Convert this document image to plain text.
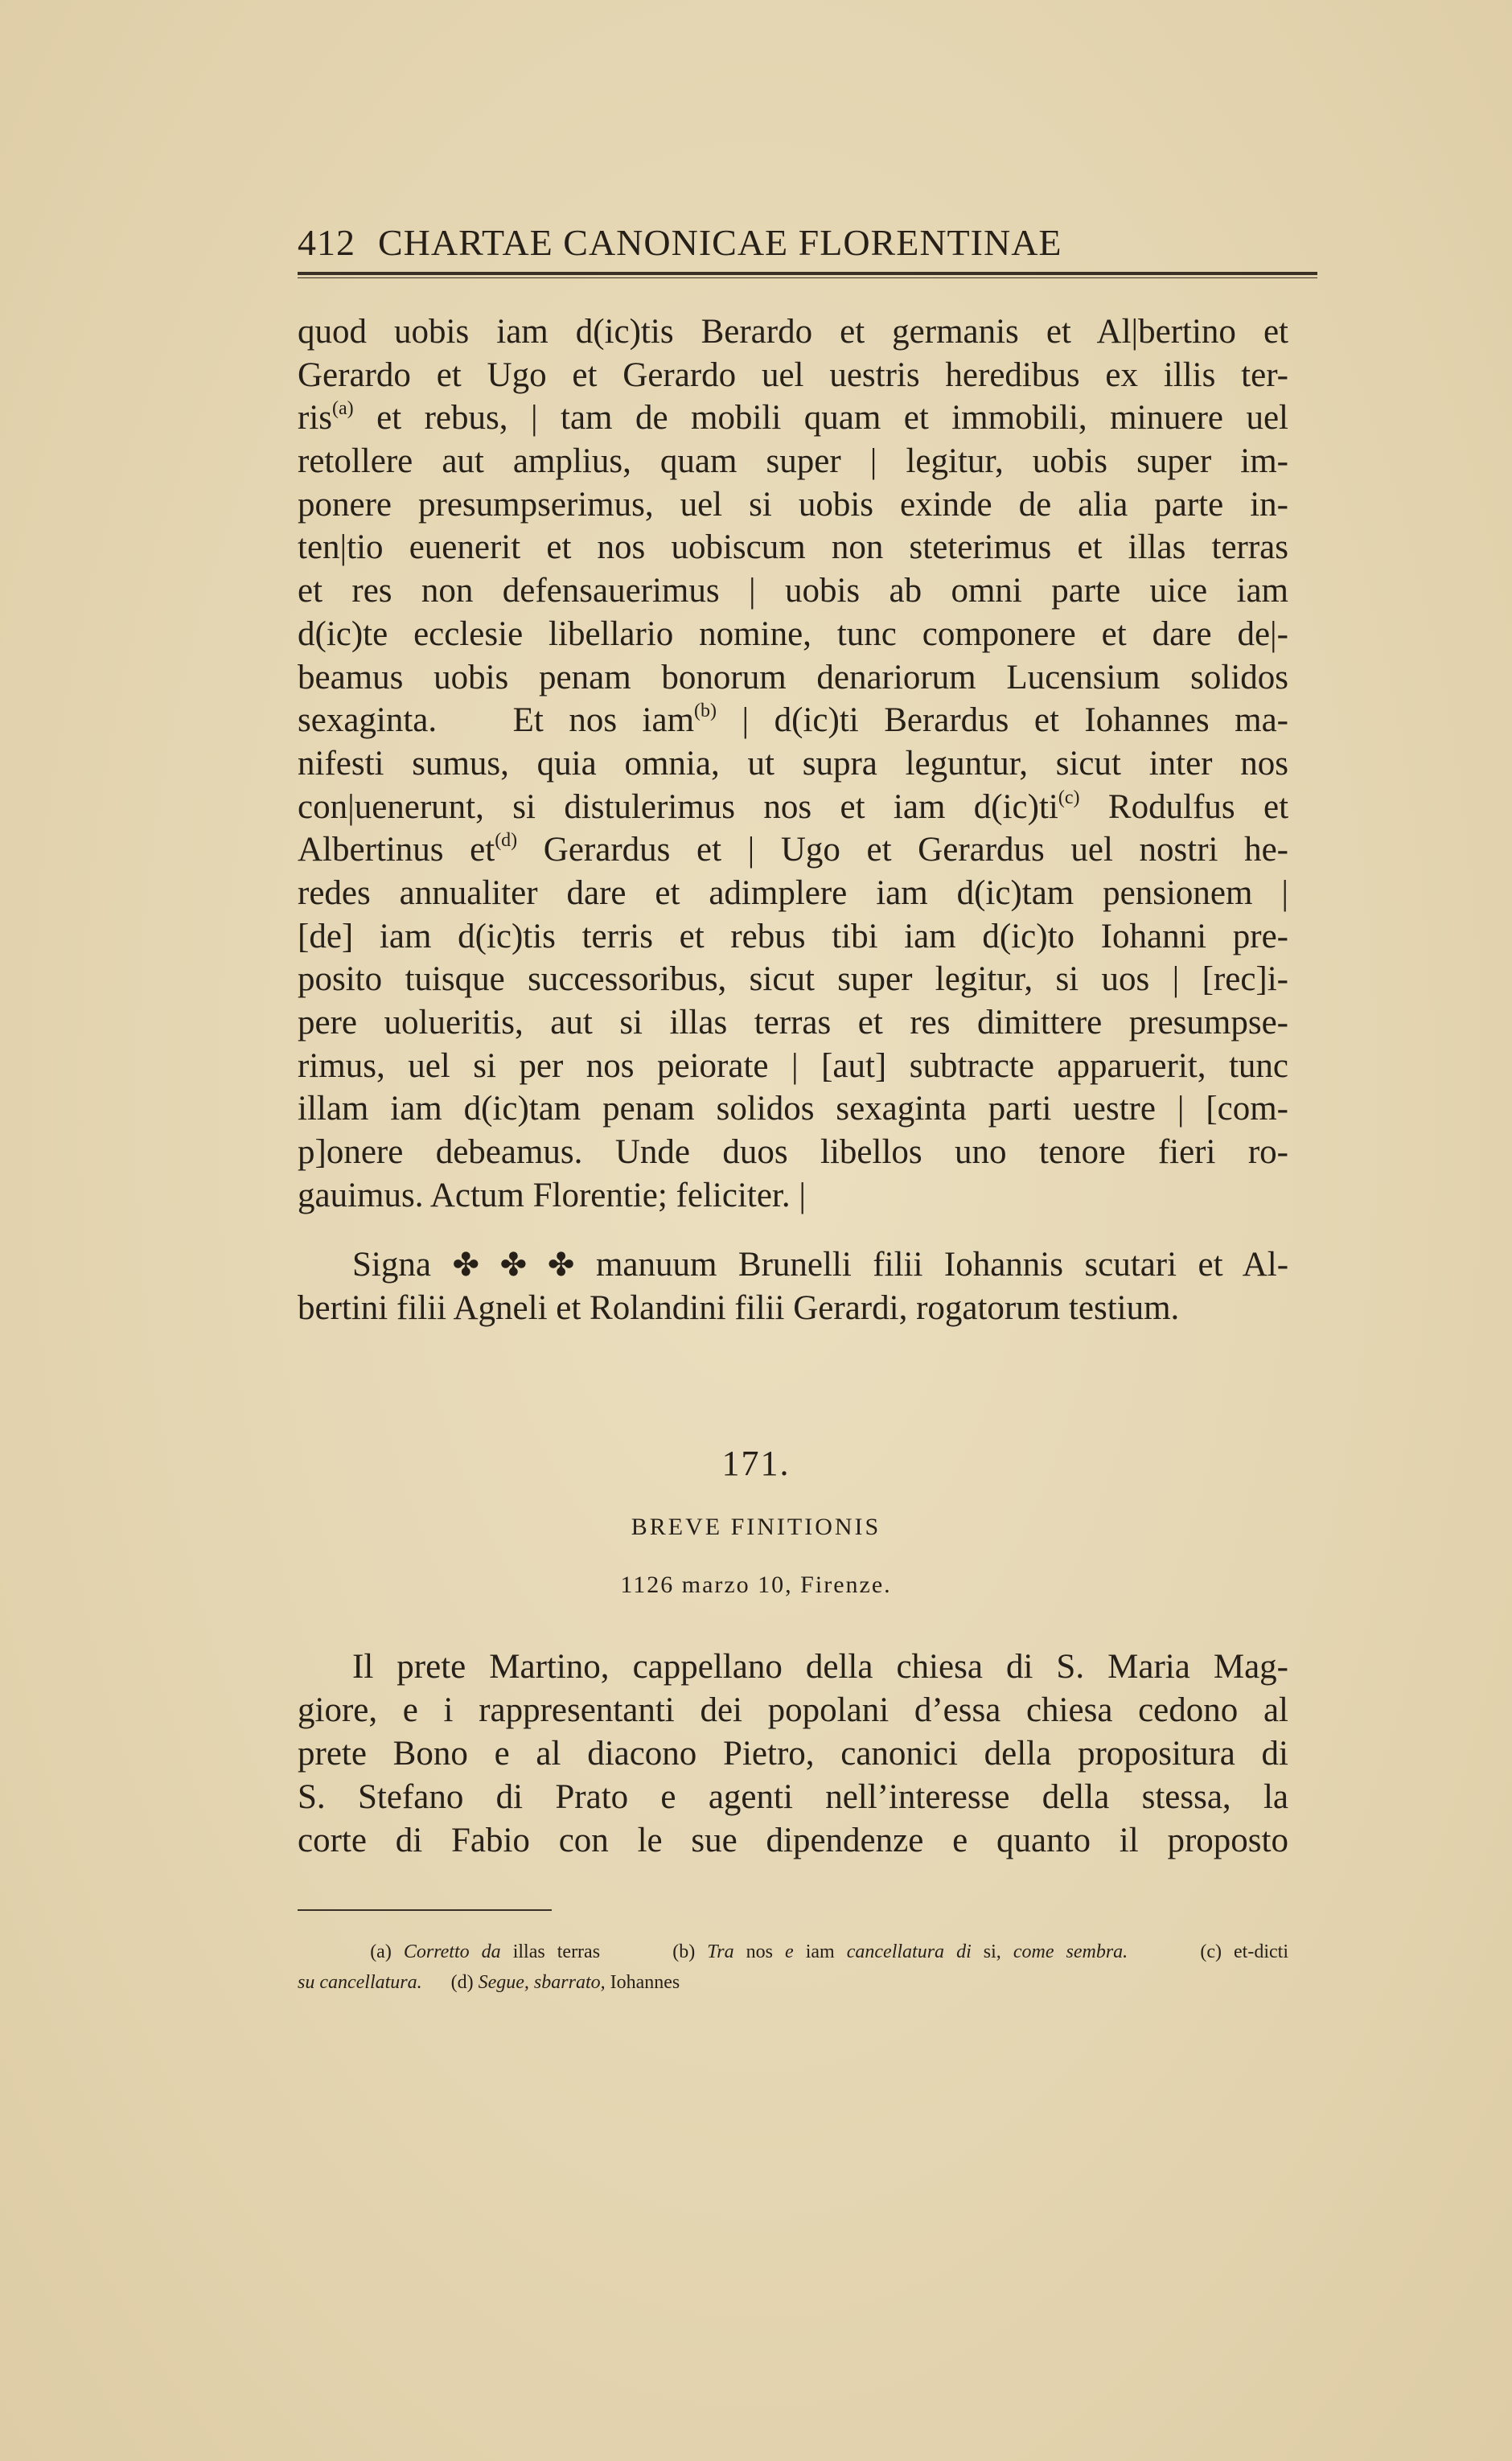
412 CHARTAE CANONICAE FLORENTINAE
quod uobis iam d(ic)tis Berardo et germanis et Al|bertino et
Gerardo et Ugo et Gerardo uel uestris heredibus ex illis ter-
ris$^{(a)}$ et rebus, | tam de mobili quam et immobili, minuere uel
retollere aut amplius, quam super | legitur, uobis super im-
ponere presumpserimus, uel si uobis exinde de alia parte in-
ten|tio euenerit et nos uobiscum non steterimus et illas terras
et res non defensauerimus | uobis ab omni parte uice iam
d(ic)te ecclesie libellario nomine, tunc componere et dare de|-
beamus uobis penam bonorum denariorum Lucensium solidos
sexaginta. Et nos iam$^{(b)}$ | d(ic)ti Berardus et Iohannes ma-
nifesti sumus, quia omnia, ut supra leguntur, sicut inter nos
con|uenerunt, si distulerimus nos et iam $d(ic)ti^{(c)}$ Rodulfus et
Albertinus $et^{(d)}$ Gerardus et | Ugo et Gerardus uel nostri he-
redes annualiter dare et adimplere iam d(ic)tam pensionem |
[de] iam d(ic)tis terris et rebus tibi iam d(ic)to Iohanni pre-
posito tuisque successoribus, sicut super legitur, si uos | [rec]i-
pere uolueritis, aut si illas terras et res dimittere presumpse-
rimus, uel si per nos peiorate | [aut] subtracte apparuerit, tunc
illam iam d(ic)tam penam solidos sexaginta parti uestre | [com-
p]onere debeamus. Unde duos libellos uno tenore fieri ro-
gauimus. Actum Florentie; feliciter. |
Signa ✤ ✤ ✤ manuum Brunelli filii Iohannis scutari et Al-
bertini filii Agneli et Rolandini filii Gerardi, rogatorum testium.
171.
BREVE FINITIONIS
1126 marzo 10, Firenze.
Il prete Martino, cappellano della chiesa di S. Maria Mag-
giore, e i rappresentanti dei popolani d’essa chiesa cedono al
prete Bono e al diacono Pietro, canonici della propositura di
S. Stefano di Prato e agenti nell’interesse della stessa, la
corte di Fabio con le sue dipendenze e quanto il proposto
(a) Corretto da illas terras	(b) Tra nos e iam cancellatura di si, come sembra.	(c) et-dicti
su cancellatura. (d) Segue, sbarrato, Iohannes
